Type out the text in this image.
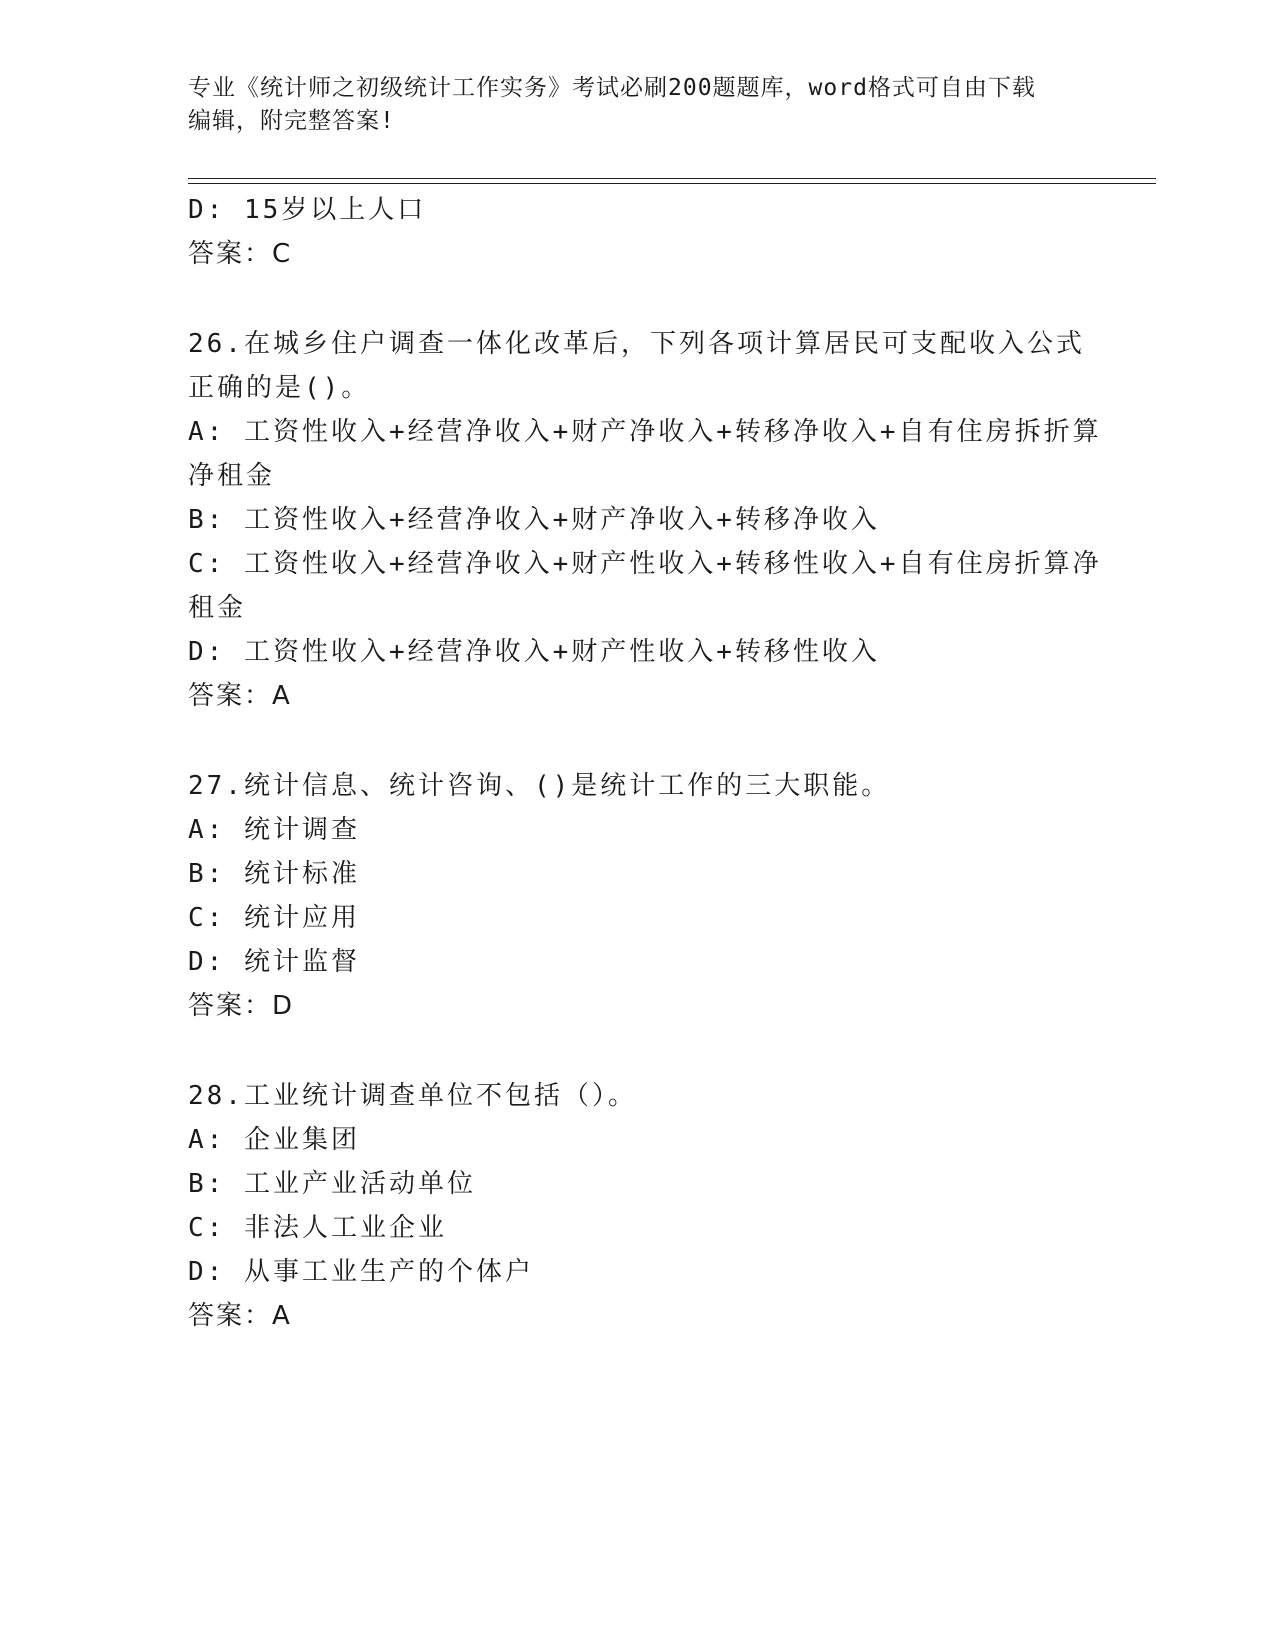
专业《统计师之初级统计工作实务》考试必刷200题题库，word格式可自由下载
编辑，附完整答案!
D: 15岁以上人口
答案：C
26.在城乡住户调查一体化改革后，下列各项计算居民可支配收入公式
正确的是()。
A: 工资性收入+经营净收入+财产净收入+转移净收入+自有住房拆折算
净租金
B: 工资性收入+经营净收入+财产净收入+转移净收入
C: 工资性收入+经营净收入+财产性收入+转移性收入+自有住房折算净
租金
D: 工资性收入+经营净收入+财产性收入+转移性收入
答案：A
27.统计信息、统计咨询、()是统计工作的三大职能。
A: 统计调查
B: 统计标准
C: 统计应用
D: 统计监督
答案：D
28.工业统计调查单位不包括（）。
A: 企业集团
B: 工业产业活动单位
C: 非法人工业企业
D: 从事工业生产的个体户
答案：A
